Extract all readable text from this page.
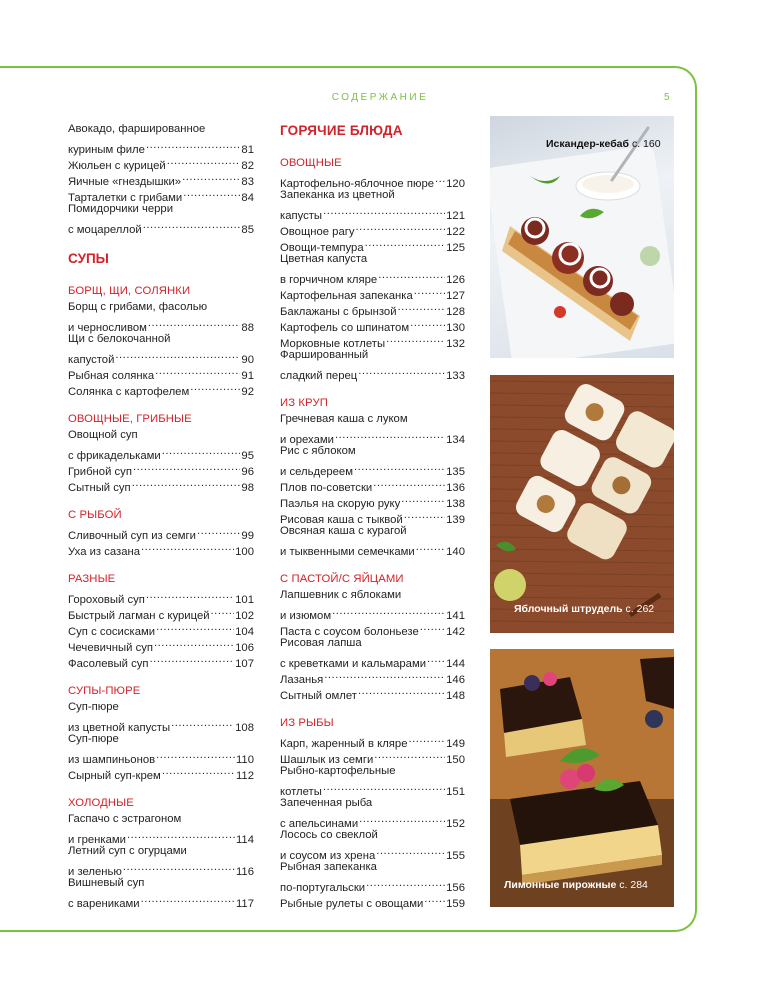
СОДЕРЖАНИЕ	5
Авокадо, фаршированное
куриным филе .....	81
Жюльен с курицей .....	82
Яичные «гнездышки» .....	83
Тарталетки с грибами .....	84
Помидорчики черри
с моцареллой .....	85
СУПЫ
БОРЩ, ЩИ, СОЛЯНКИ
Борщ с грибами, фасолью
и черносливом .....	88
Щи с белокочанной
капустой .....	90
Рыбная солянка .....	91
Солянка с картофелем .....	92
ОВОЩНЫЕ, ГРИБНЫЕ
Овощной суп
с фрикадельками .....	95
Грибной суп .....	96
Сытный суп .....	98
С РЫБОЙ
Сливочный суп из семги .....	99
Уха из сазана .....	100
РАЗНЫЕ
Гороховый суп .....	101
Быстрый лагман с курицей ..... 102
Суп с сосисками .....	104
Чечевичный суп .....	106
Фасолевый суп .....	107
СУПЫ-ПЮРЕ
Суп-пюре
из цветной капусты .....	108
Суп-пюре
из шампиньонов .....	110
Сырный суп-крем .....	112
ХОЛОДНЫЕ
Гаспачо с эстрагоном
и гренками .....	114
Летний суп с огурцами
и зеленью .....	116
Вишневый суп
с варениками .....	117
ГОРЯЧИЕ БЛЮДА
ОВОЩНЫЕ
Картофельно-яблочное пюре ..... 120
Запеканка из цветной
капусты .....	121
Овощное рагу .....	122
Овощи-темпура .....	125
Цветная капуста
в горчичном кляре .....	126
Картофельная запеканка .....	127
Баклажаны с брынзой .....	128
Картофель со шпинатом .....	130
Морковные котлеты .....	132
Фаршированный
сладкий перец .....	133
ИЗ КРУП
Гречневая каша с луком
и орехами .....	134
Рис с яблоком
и сельдереем .....	135
Плов по-советски .....	136
Паэлья на скорую руку .....	138
Рисовая каша с тыквой .....	139
Овсяная каша с курагой
и тыквенными семечками .....	140
С ПАСТОЙ/С ЯЙЦАМИ
Лапшевник с яблоками
и изюмом .....	141
Паста с соусом болоньезе ..... 142
Рисовая лапша
с креветками и кальмарами ..... 144
Лазанья .....	146
Сытный омлет .....	148
ИЗ РЫБЫ
Карп, жаренный в кляре .....	149
Шашлык из семги .....	150
Рыбно-картофельные
котлеты .....	151
Запеченная рыба
с апельсинами .....	152
Лосось со свеклой
и соусом из хрена .....	155
Рыбная запеканка
по-португальски .....	156
Рыбные рулеты с овощами ..... 159
Искандер-кебаб с. 160
Яблочный штрудель с. 262
Лимонные пирожные с. 284
